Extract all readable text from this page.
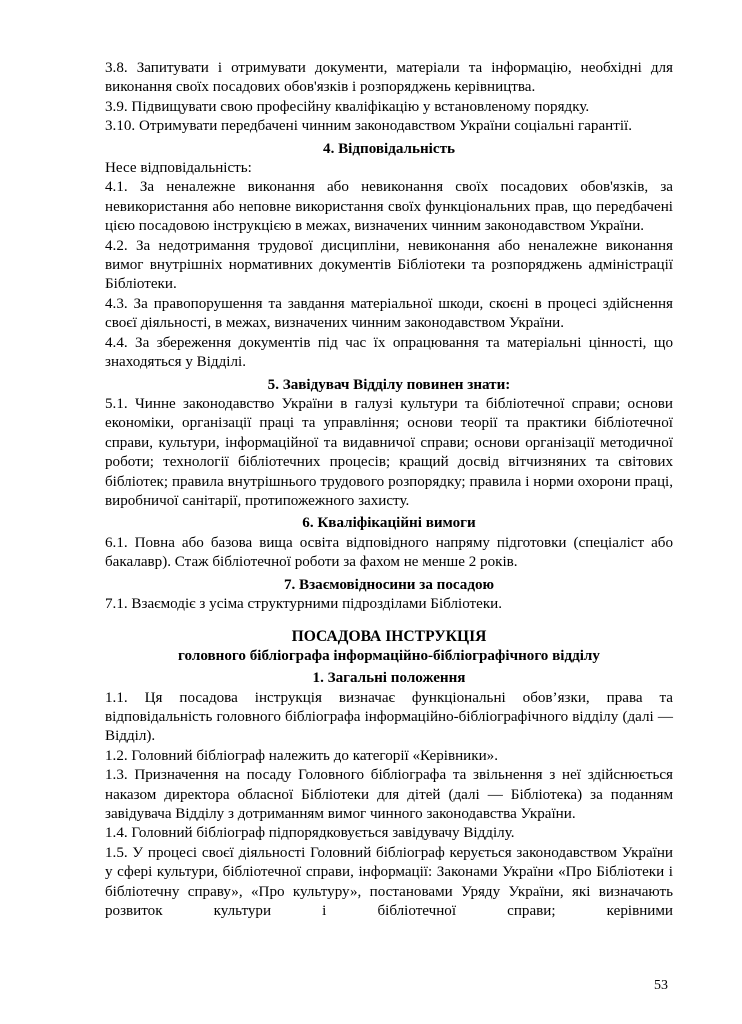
3.8. Запитувати і отримувати документи, матеріали та інформацію, необхідні для виконання своїх посадових обов'язків і розпоряджень керівництва.

3.9. Підвищувати свою професійну кваліфікацію у встановленому порядку.

3.10. Отримувати передбачені чинним законодавством України соціальні гарантії.

4. Відповідальність

Несе відповідальність:

4.1. За неналежне виконання або невиконання своїх посадових обов'язків, за невикористання або неповне використання своїх функціональних прав, що передбачені цією посадовою інструкцією в межах, визначених чинним законодавством України.

4.2. За недотримання трудової дисципліни, невиконання або неналежне виконання вимог внутрішніх нормативних документів Бібліотеки та розпоряджень адміністрації Бібліотеки.

4.3. За правопорушення та завдання матеріальної шкоди, скоєні в процесі здійснення своєї діяльності, в межах, визначених чинним законодавством України.

4.4. За збереження документів під час їх опрацювання та матеріальні цінності, що знаходяться у Відділі.

5. Завідувач Відділу повинен знати:

5.1. Чинне законодавство України в галузі культури та бібліотечної справи; основи економіки, організації праці та управління; основи теорії та практики бібліотечної справи, культури, інформаційної та видавничої справи; основи організації методичної роботи; технології бібліотечних процесів; кращий досвід вітчизняних та світових бібліотек; правила внутрішнього трудового розпорядку; правила і норми охорони праці, виробничої санітарії, протипожежного захисту.

6. Кваліфікаційні вимоги

6.1. Повна або базова вища освіта відповідного напряму підготовки (спеціаліст або бакалавр). Стаж бібліотечної роботи за фахом не менше 2 років.

7. Взаємовідносини за посадою

7.1. Взаємодіє з усіма структурними підрозділами Бібліотеки.

ПОСАДОВА ІНСТРУКЦІЯ
головного бібліографа інформаційно-бібліографічного відділу
1. Загальні положення

1.1. Ця посадова інструкція визначає функціональні обов’язки, права та відповідальність головного бібліографа інформаційно-бібліографічного відділу (далі — Відділ).

1.2. Головний бібліограф належить до категорії «Керівники».

1.3. Призначення на посаду Головного бібліографа та звільнення з неї здійснюється наказом директора обласної Бібліотеки для дітей (далі — Бібліотека) за поданням завідувача Відділу з дотриманням вимог чинного законодавства України.

1.4. Головний бібліограф підпорядковується завідувачу Відділу.

1.5. У процесі своєї діяльності Головний бібліограф керується законодавством України у сфері культури, бібліотечної справи, інформації: Законами України «Про Бібліотеки і бібліотечну справу», «Про культуру», постановами Уряду України, які визначають розвиток культури і бібліотечної справи; керівними

53
